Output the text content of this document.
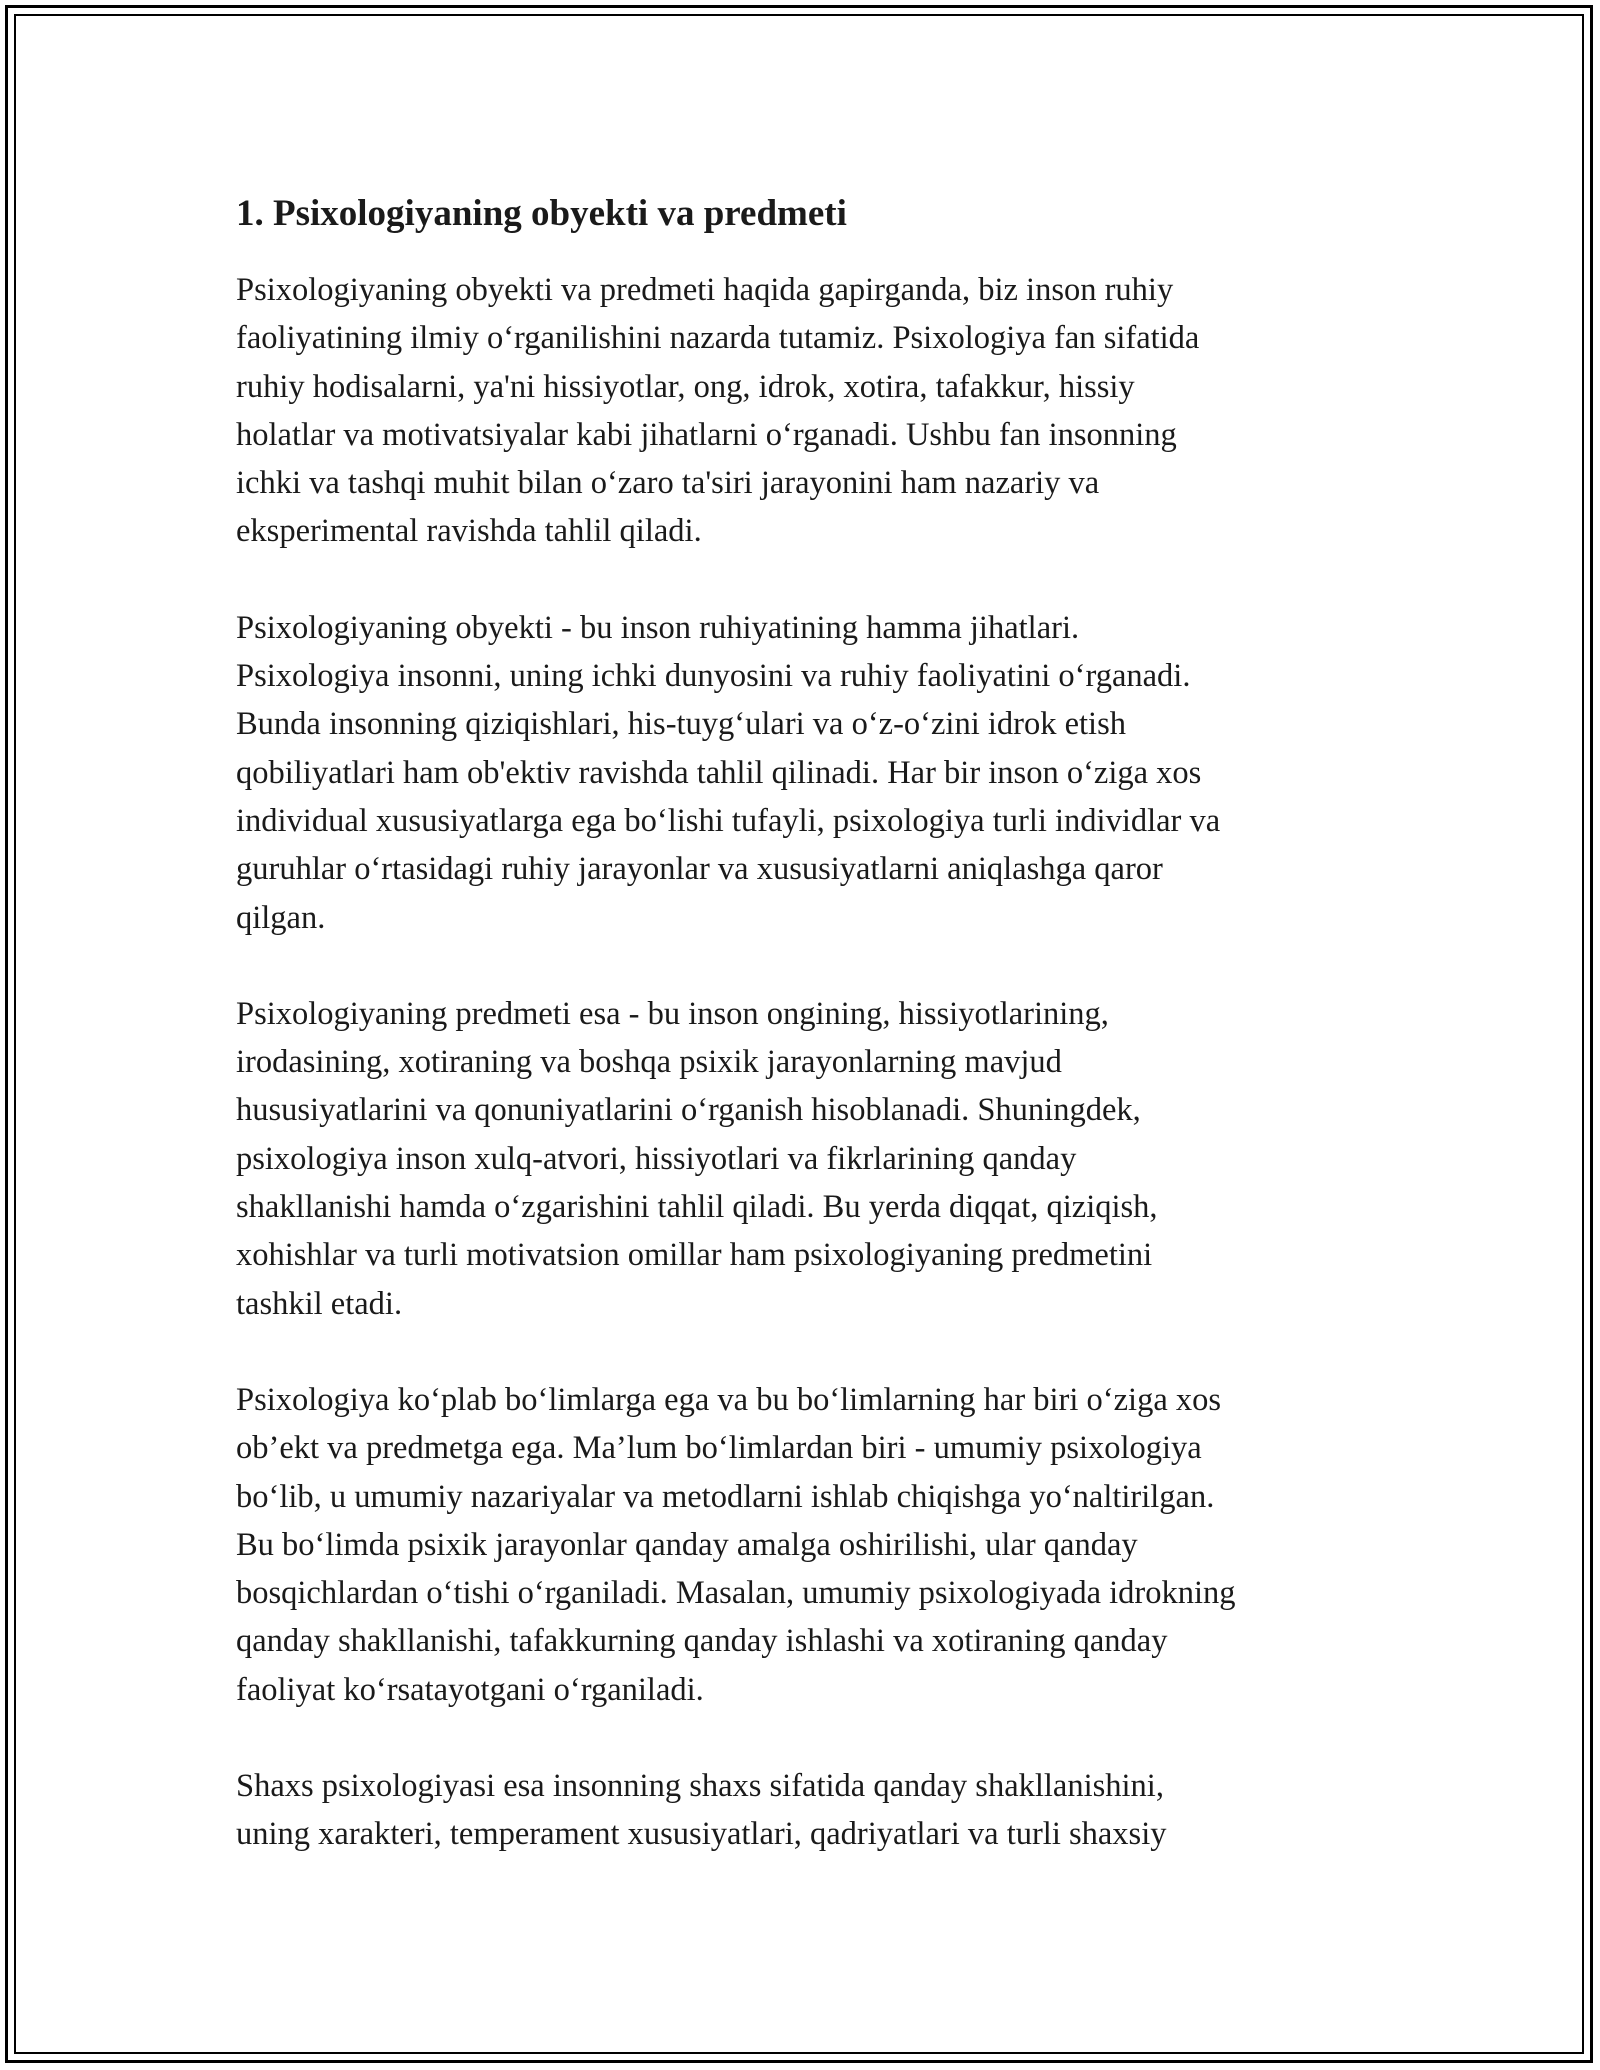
1. Psixologiyaning obyekti va predmeti

Psixologiyaning obyekti va predmeti haqida gapirganda, biz inson ruhiy
faoliyatining ilmiy o‘rganilishini nazarda tutamiz. Psixologiya fan sifatida
ruhiy hodisalarni, ya'ni hissiyotlar, ong, idrok, xotira, tafakkur, hissiy
holatlar va motivatsiyalar kabi jihatlarni o‘rganadi. Ushbu fan insonning
ichki va tashqi muhit bilan o‘zaro ta'siri jarayonini ham nazariy va
eksperimental ravishda tahlil qiladi.

Psixologiyaning obyekti - bu inson ruhiyatining hamma jihatlari.
Psixologiya insonni, uning ichki dunyosini va ruhiy faoliyatini o‘rganadi.
Bunda insonning qiziqishlari, his-tuyg‘ulari va o‘z-o‘zini idrok etish
qobiliyatlari ham ob'ektiv ravishda tahlil qilinadi. Har bir inson o‘ziga xos
individual xususiyatlarga ega bo‘lishi tufayli, psixologiya turli individlar va
guruhlar o‘rtasidagi ruhiy jarayonlar va xususiyatlarni aniqlashga qaror
qilgan.

Psixologiyaning predmeti esa - bu inson ongining, hissiyotlarining,
irodasining, xotiraning va boshqa psixik jarayonlarning mavjud
hususiyatlarini va qonuniyatlarini o‘rganish hisoblanadi. Shuningdek,
psixologiya inson xulq-atvori, hissiyotlari va fikrlarining qanday
shakllanishi hamda o‘zgarishini tahlil qiladi. Bu yerda diqqat, qiziqish,
xohishlar va turli motivatsion omillar ham psixologiyaning predmetini
tashkil etadi.

Psixologiya ko‘plab bo‘limlarga ega va bu bo‘limlarning har biri o‘ziga xos
ob’ekt va predmetga ega. Ma’lum bo‘limlardan biri - umumiy psixologiya
bo‘lib, u umumiy nazariyalar va metodlarni ishlab chiqishga yo‘naltirilgan.
Bu bo‘limda psixik jarayonlar qanday amalga oshirilishi, ular qanday
bosqichlardan o‘tishi o‘rganiladi. Masalan, umumiy psixologiyada idrokning
qanday shakllanishi, tafakkurning qanday ishlashi va xotiraning qanday
faoliyat ko‘rsatayotgani o‘rganiladi.

Shaxs psixologiyasi esa insonning shaxs sifatida qanday shakllanishini,
uning xarakteri, temperament xususiyatlari, qadriyatlari va turli shaxsiy
